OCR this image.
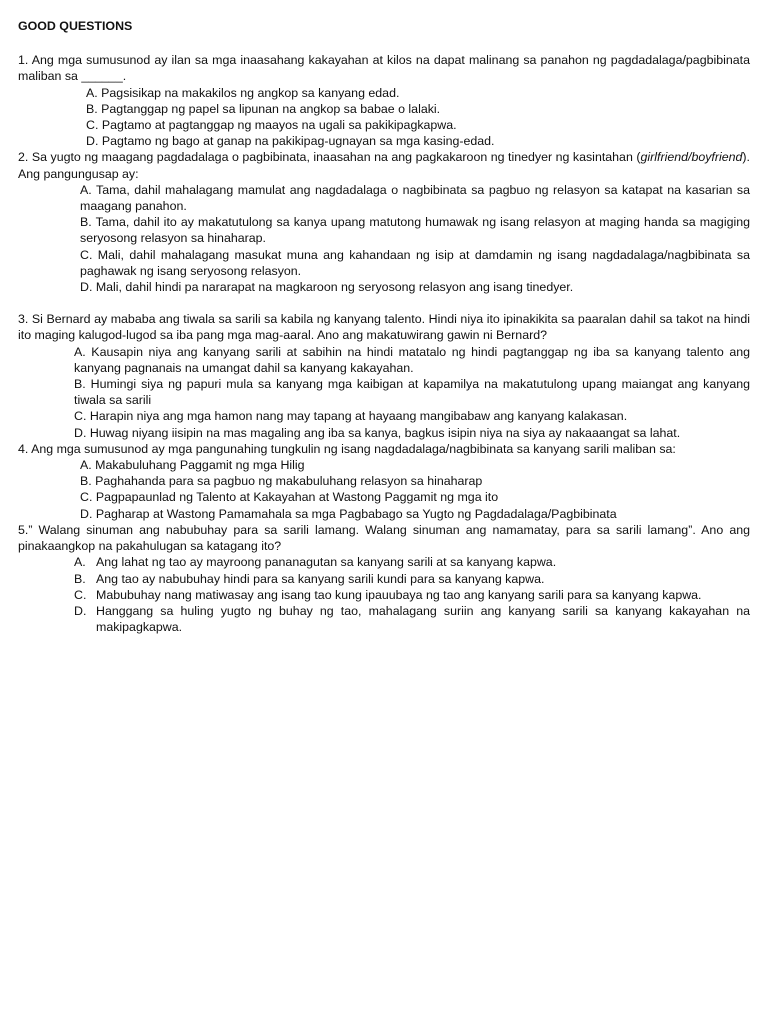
GOOD QUESTIONS

1. Ang mga sumusunod ay ilan sa mga inaasahang kakayahan at kilos na dapat malinang sa panahon ng pagdadalaga/pagbibinata maliban sa ______.

A. Pagsisikap na makakilos ng angkop sa kanyang edad.

B. Pagtanggap ng papel sa lipunan na angkop sa babae o lalaki.

C. Pagtamo at pagtanggap ng maayos na ugali sa pakikipagkapwa.

D. Pagtamo ng bago at ganap na pakikipag-ugnayan sa mga kasing-edad.

2. Sa yugto ng maagang pagdadalaga o pagbibinata, inaasahan na ang pagkakaroon ng tinedyer ng kasintahan (girlfriend/boyfriend). Ang pangungusap ay:

A. Tama, dahil mahalagang mamulat ang nagdadalaga o nagbibinata sa pagbuo ng relasyon sa katapat na kasarian sa maagang panahon.

B. Tama, dahil ito ay makatutulong sa kanya upang matutong humawak ng isang relasyon at maging handa sa magiging seryosong relasyon sa hinaharap.

C. Mali, dahil mahalagang masukat muna ang kahandaan ng isip at damdamin ng isang nagdadalaga/nagbibinata sa paghawak ng isang seryosong relasyon.

D. Mali, dahil hindi pa nararapat na magkaroon ng seryosong relasyon ang isang tinedyer.

3. Si Bernard ay mababa ang tiwala sa sarili sa kabila ng kanyang talento. Hindi niya ito ipinakikita sa paaralan dahil sa takot na hindi ito maging kalugod-lugod sa iba pang mga mag-aaral. Ano ang makatuwirang gawin ni Bernard?

A. Kausapin niya ang kanyang sarili at sabihin na hindi matatalo ng hindi pagtanggap ng iba sa kanyang talento ang kanyang pagnanais na umangat dahil sa kanyang kakayahan.

B. Humingi siya ng papuri mula sa kanyang mga kaibigan at kapamilya na makatutulong upang maiangat ang kanyang tiwala sa sarili

C. Harapin niya ang mga hamon nang may tapang at hayaang mangibabaw ang kanyang kalakasan.

D. Huwag niyang iisipin na mas magaling ang iba sa kanya, bagkus isipin niya na siya ay nakaaangat sa lahat.

4. Ang mga sumusunod ay mga pangunahing tungkulin ng isang nagdadalaga/nagbibinata sa kanyang sarili maliban sa:

A. Makabuluhang Paggamit ng mga Hilig

B. Paghahanda para sa pagbuo ng makabuluhang relasyon sa hinaharap

C. Pagpapaunlad ng Talento at Kakayahan at Wastong Paggamit ng mga ito

D. Pagharap at Wastong Pamamahala sa mga Pagbabago sa Yugto ng Pagdadalaga/Pagbibinata

5.” Walang sinuman ang nabubuhay para sa sarili lamang. Walang sinuman ang namamatay, para sa sarili lamang”. Ano ang pinakaangkop na pakahulugan sa katagang ito?

A. Ang lahat ng tao ay mayroong pananagutan sa kanyang sarili at sa kanyang kapwa.
B. Ang tao ay nabubuhay hindi para sa kanyang sarili kundi para sa kanyang kapwa.
C. Mabubuhay nang matiwasay ang isang tao kung ipauubaya ng tao ang kanyang sarili para sa kanyang kapwa.
D. Hanggang sa huling yugto ng buhay ng tao, mahalagang suriin ang kanyang sarili sa kanyang kakayahan na makipagkapwa.
